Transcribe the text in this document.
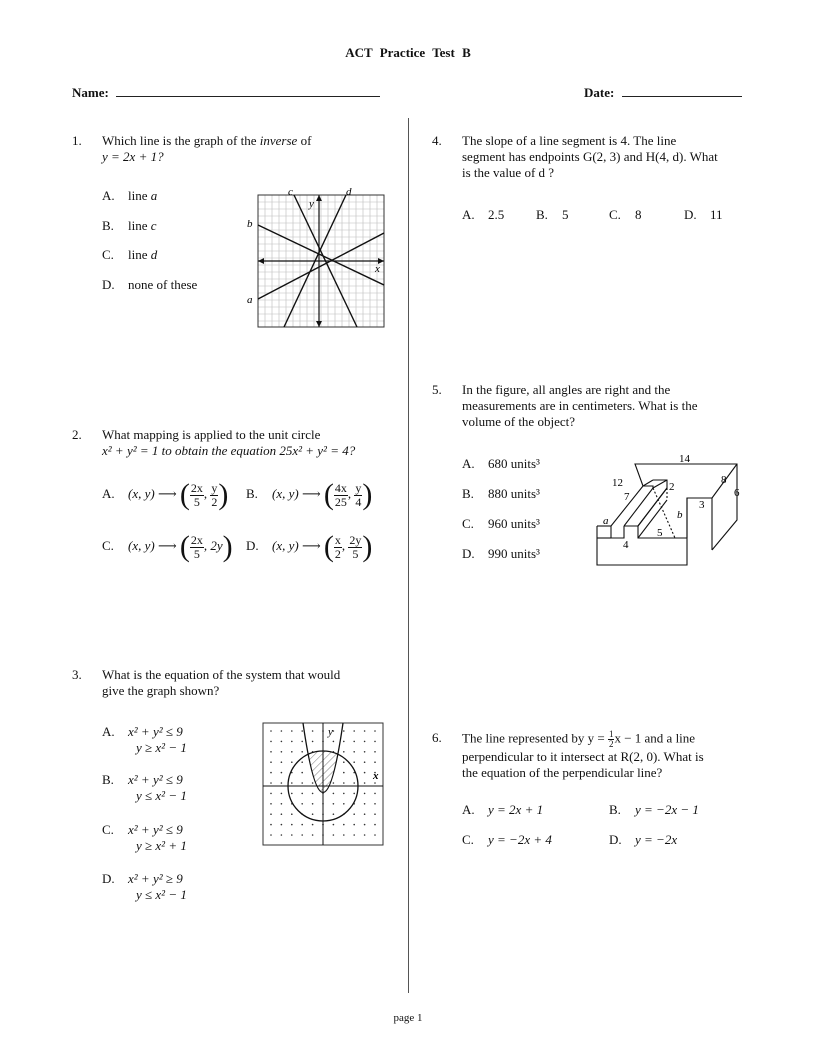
ACT Practice Test B
Name:	Date:
1. Which line is the graph of the inverse of
y = 2x + 1?
A. line a
B. line c
C. line d
D. none of these
c	d
b
a
y
x
2. What mapping is applied to the unit circle
x² + y² = 1 to obtain the equation 25x² + y² = 4?
A. (x, y) ⟶ ( $\frac{2x}{5}$ , $\frac{y}{2}$ ) B. (x, y) ⟶ ( $\frac{4x}{25}$ , $\frac{y}{4}$ )
C. (x, y) ⟶ ( $\frac{2x}{5}$ , 2y) D. (x, y) ⟶ ( $\frac{x}{2}$ , $\frac{2y}{5}$ )
3. What is the equation of the system that would
give the graph shown?
A. x² + y² ≤ 9
y ≥ x² − 1
B. x² + y² ≤ 9
y ≤ x² − 1
C. x² + y² ≤ 9
y ≥ x² + 1
D. x² + y² ≥ 9
y ≤ x² − 1
y
x
4. The slope of a line segment is 4. The line
segment has endpoints G(2, 3) and H(4, d). What
is the value of d ?
A. 2.5 B. 5	C. 8	D. 11
5. In the figure, all angles are right and the
measurements are in centimeters. What is the
volume of the object?
A. 680 units³
B. 880 units³
C. 960 units³
D. 990 units³
14
12
7
2
8
6
3
a	b
5
4
6. The line represented by $y = \frac{1}{2}$ x − 1 and a line
perpendicular to it intersect at R(2, 0). What is
the equation of the perpendicular line?
A. y = 2x + 1	B. y = −2x − 1
C. y = −2x + 4	D. y = −2x
page 1
